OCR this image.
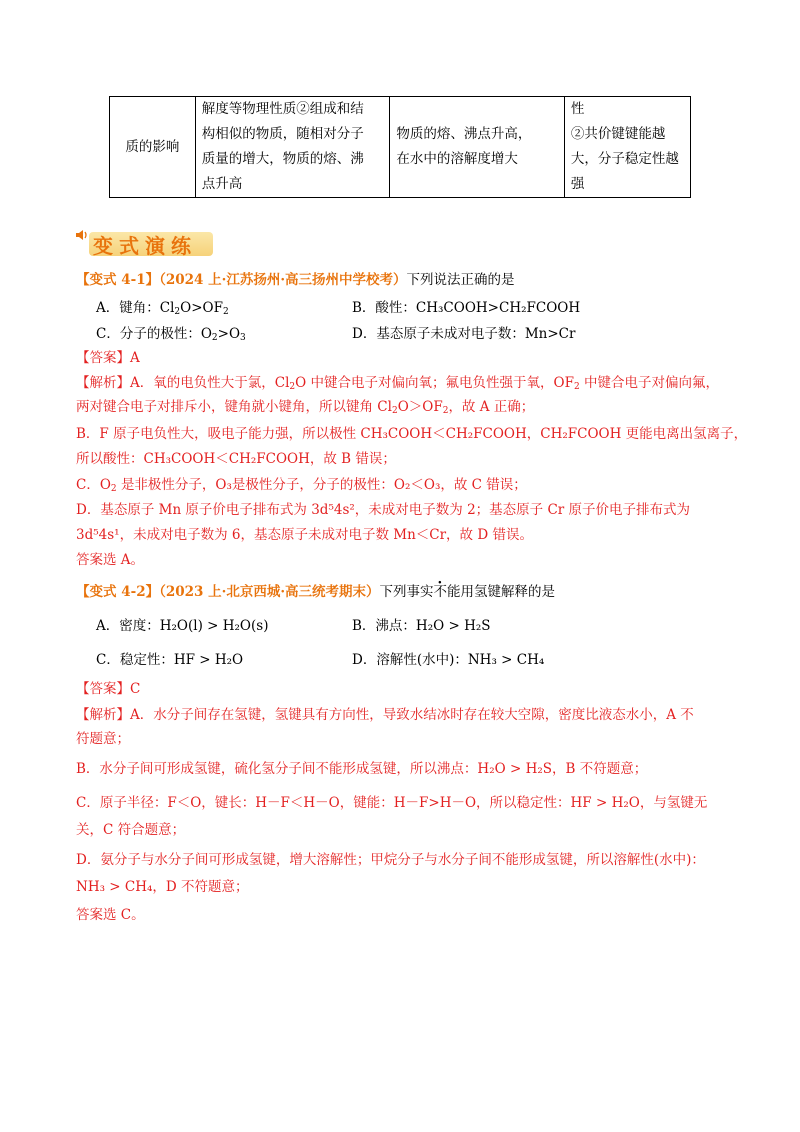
质的影响	
解度等物理性质②组成和结
构相似的物质，随相对分子
质量的增大，物质的熔、沸
点升高

物质的熔、沸点升高，
在水中的溶解度增大

性
②共价键键能越
大，分子稳定性越
强
变式演练
【变式 4-1】（2024 上·江苏扬州·高三扬州中学校考）下列说法正确的是
A．键角：$Cl_2O>OF_2$	B．酸性：CH₃COOH>CH₂FCOOH
C．分子的极性：$O_2>O_3$	D．基态原子未成对电子数：Mn>Cr
【答案】A
【解析】A．氧的电负性大于氯，$Cl_2O$ 中键合电子对偏向氧；氟电负性强于氧，$OF_2$ 中键合电子对偏向氟，
两对键合电子对排斥小，键角就小键角，所以键角 $Cl_2O>OF_2$，故 A 正确；
B．F 原子电负性大，吸电子能力强，所以极性 CH₃COOH＜CH₂FCOOH，CH₂FCOOH 更能电离出氢离子，
所以酸性：CH₃COOH＜CH₂FCOOH，故 B 错误；
C．$O_2$ 是非极性分子，O₃是极性分子，分子的极性：O₂＜O₃，故 C 错误；
D．基态原子 Mn 原子价电子排布式为 3d⁵4s²，未成对电子数为 2；基态原子 Cr 原子价电子排布式为
3d⁵4s¹，未成对电子数为 6，基态原子未成对电子数 Mn＜Cr，故 D 错误。
答案选 A。
【变式 4-2】（2023 上·北京西城·高三统考期末）下列事实不能用氢键解释的是
A．密度：H₂O(l) > H₂O(s)	B．沸点：H₂O > H₂S
C．稳定性：HF > H₂O	D．溶解性(水中)：NH₃ > CH₄
【答案】C
【解析】A．水分子间存在氢键，氢键具有方向性，导致水结冰时存在较大空隙，密度比液态水小，A 不
符题意；
B．水分子间可形成氢键，硫化氢分子间不能形成氢键，所以沸点：H₂O > H₂S，B 不符题意；
C．原子半径：F＜O，键长：H－F＜H－O，键能：H－F>H－O，所以稳定性：HF > H₂O，与氢键无
关，C 符合题意；
D．氨分子与水分子间可形成氢键，增大溶解性；甲烷分子与水分子间不能形成氢键，所以溶解性(水中)：
NH₃ > CH₄，D 不符题意；
答案选 C。
